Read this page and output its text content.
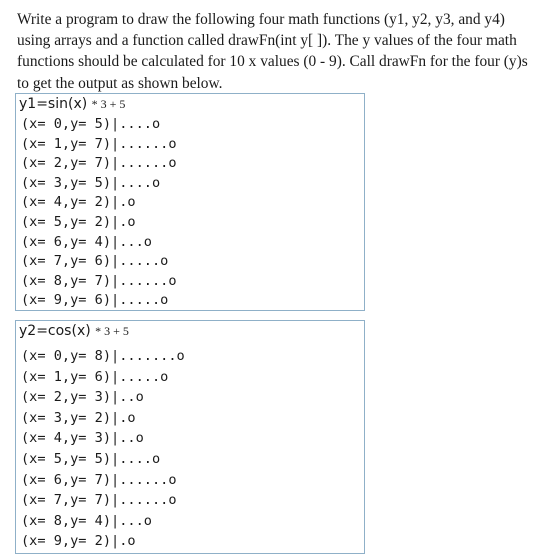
Write a program to draw the following four math functions (y1, y2, y3, and y4)
using arrays and a function called drawFn(int y[ ]). The y values of the four math
functions should be calculated for 10 x values (0 - 9). Call drawFn for the four (y)s
to get the output as shown below.
y1=sin(x) * 3 + 5
(x= 0,y= 5)|....o
(x= 1,y= 7)|......o
(x= 2,y= 7)|......o
(x= 3,y= 5)|....o
(x= 4,y= 2)|.o
(x= 5,y= 2)|.o
(x= 6,y= 4)|...o
(x= 7,y= 6)|.....o
(x= 8,y= 7)|......o
(x= 9,y= 6)|.....o
y2=cos(x) * 3 + 5
(x= 0,y= 8)|.......o
(x= 1,y= 6)|.....o
(x= 2,y= 3)|..o
(x= 3,y= 2)|.o
(x= 4,y= 3)|..o
(x= 5,y= 5)|....o
(x= 6,y= 7)|......o
(x= 7,y= 7)|......o
(x= 8,y= 4)|...o
(x= 9,y= 2)|.o
